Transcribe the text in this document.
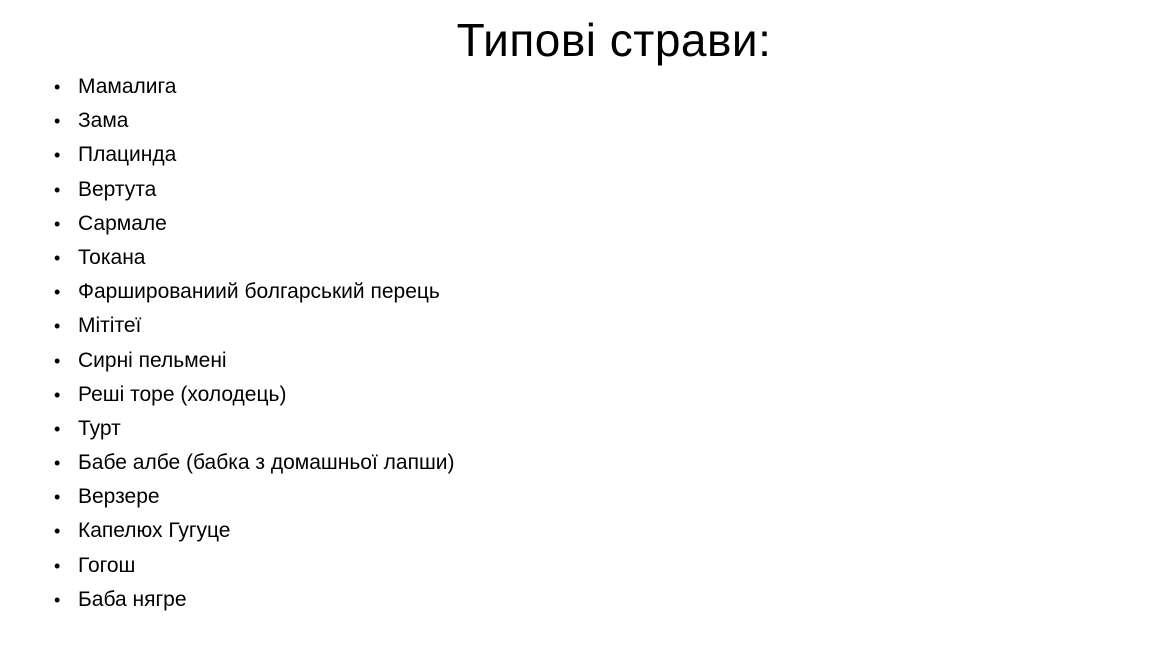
Типові страви:
• Мамалига
• Зама
• Плацинда
• Вертута
• Сармале
• Токана
• Фаршированиий болгарський перець
• Мітітеї
• Сирні пельмені
• Реші торе (холодець)
• Турт
• Бабе албе (бабка з домашньої лапши)
• Верзере
• Капелюх Гугуце
• Гогош
• Баба нягре
